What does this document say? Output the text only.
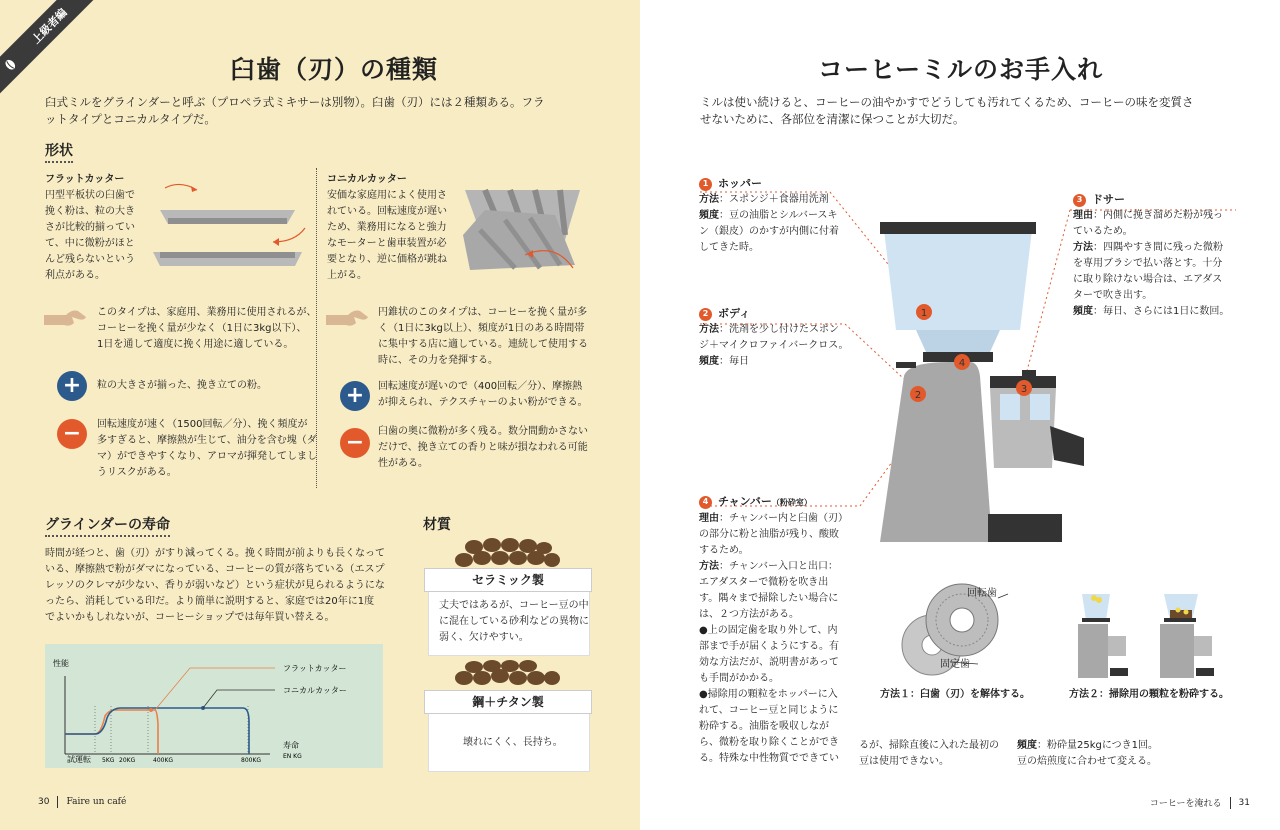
上級者編
臼歯（刃）の種類
臼式ミルをグラインダーと呼ぶ（プロペラ式ミキサーは別物）。臼歯（刃）には２種類ある。フラ
ットタイプとコニカルタイプだ。
形状
フラットカッター
円型平板状の臼歯で
挽く粉は、粒の大き
さが比較的揃ってい
て、中に微粉がほと
んど残らないという
利点がある。
コニカルカッター
安価な家庭用によく使用さ
れている。回転速度が遅い
ため、業務用になると強力
なモーターと歯車装置が必
要となり、逆に価格が跳ね
上がる。
このタイプは、家庭用、業務用に使用されるが、
コーヒーを挽く量が少なく（1日に3kg以下）、
1日を通して適度に挽く用途に適している。
円錐状のこのタイプは、コーヒーを挽く量が多
く（1日に3kg以上）、頻度が1日のある時間帯
に集中する店に適している。連続して使用する
時に、その力を発揮する。
+	粒の大きさが揃った、挽き立ての粉。
−	回転速度が速く（1500回転／分）、挽く頻度が
多すぎると、摩擦熱が生じて、油分を含む塊（ダ
マ）ができやすくなり、アロマが揮発してしまし
うリスクがある。
+	回転速度が遅いので（400回転／分）、摩擦熱
が抑えられ、テクスチャーのよい粉ができる。
−	臼歯の奥に微粉が多く残る。数分間動かさない
だけで、挽き立ての香りと味が損なわれる可能
性がある。
グラインダーの寿命
時間が経つと、歯（刃）がすり減ってくる。挽く時間が前よりも長くなって
いる、摩擦熱で粉がダマになっている、コーヒーの質が落ちている（エスプ
レッソのクレマが少ない、香りが弱いなど）という症状が見られるようにな
ったら、消耗している印だ。より簡単に説明すると、家庭では20年に1度
でよいかもしれないが、コーヒーショップでは毎年買い替える。
性能
寿命
EN KG
試運転 5KG 20KG	400KG	800KG
フラットカッター
コニカルカッター
材質
セラミック製
丈夫ではあるが、コーヒー豆の中
に混在している砂利などの異物に
弱く、欠けやすい。
鋼＋チタン製
壊れにくく、長持ち。
30 Faire un café
コーヒーミルのお手入れ
ミルは使い続けると、コーヒーの油やかすでどうしても汚れてくるため、コーヒーの味を変質さ
せないために、各部位を清潔に保つことが大切だ。
1
2
3
4
1 ホッパー
方法：スポンジ＋食器用洗剤
頻度：豆の油脂とシルバースキ
ン（銀皮）のかすが内側に付着
してきた時。
2 ボディ
方法：洗剤を少し付けたスポン
ジ＋マイクロファイバークロス。
頻度：毎日
3 ドサー
理由：内側に挽き溜めた粉が残っ
ているため。
方法：四隅やすき間に残った微粉
を専用ブラシで払い落とす。十分
に取り除けない場合は、エアダス
ターで吹き出す。
頻度：毎日、さらには1日に数回。
4 チャンバー（粉砕室）
理由：チャンバー内と臼歯（刃）
の部分に粉と油脂が残り、酸敗
するため。
方法：チャンバー入口と出口：
エアダスターで微粉を吹き出
す。隅々まで掃除したい場合に
は、２つ方法がある。
●上の固定歯を取り外して、内
部まで手が届くようにする。有
効な方法だが、説明書があって
も手間がかかる。
●掃除用の顆粒をホッパーに入
れて、コーヒー豆と同じように
粉砕する。油脂を吸収しなが
ら、微粉を取り除くことができ
る。特殊な中性物質でできてい
回転歯
固定歯
方法１：臼歯（刃）を解体する。	方法２：掃除用の顆粒を粉砕する。
るが、掃除直後に入れた最初の
豆は使用できない。
頻度：粉砕量25kgにつき1回。
豆の焙煎度に合わせて変える。
コーヒーを淹れる 31
